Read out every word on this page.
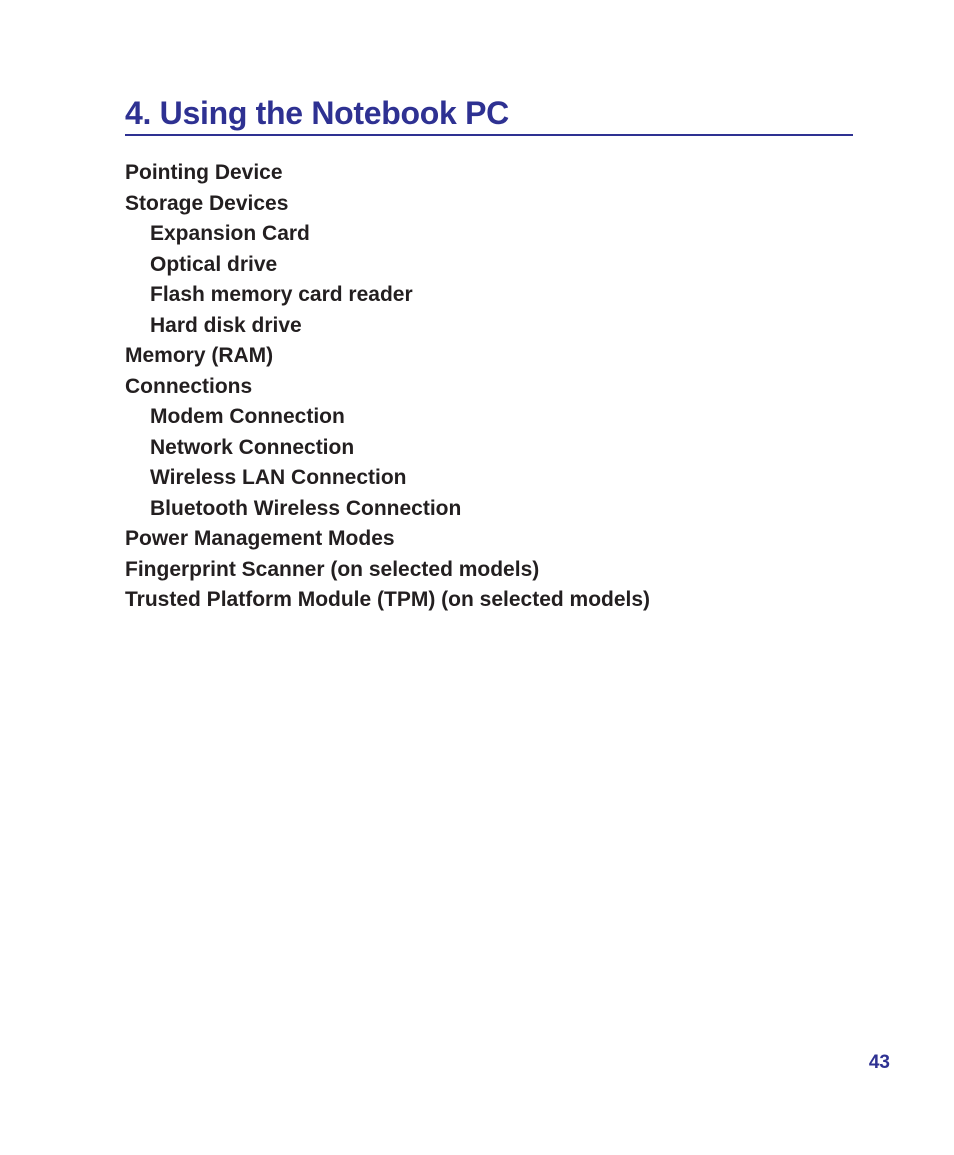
4. Using the Notebook PC
Pointing Device
Storage Devices
Expansion Card
Optical drive
Flash memory card reader
Hard disk drive
Memory (RAM)
Connections
Modem Connection
Network Connection
Wireless LAN Connection
Bluetooth Wireless Connection
Power Management Modes
Fingerprint Scanner (on selected models)
Trusted Platform Module (TPM) (on selected models)
43
